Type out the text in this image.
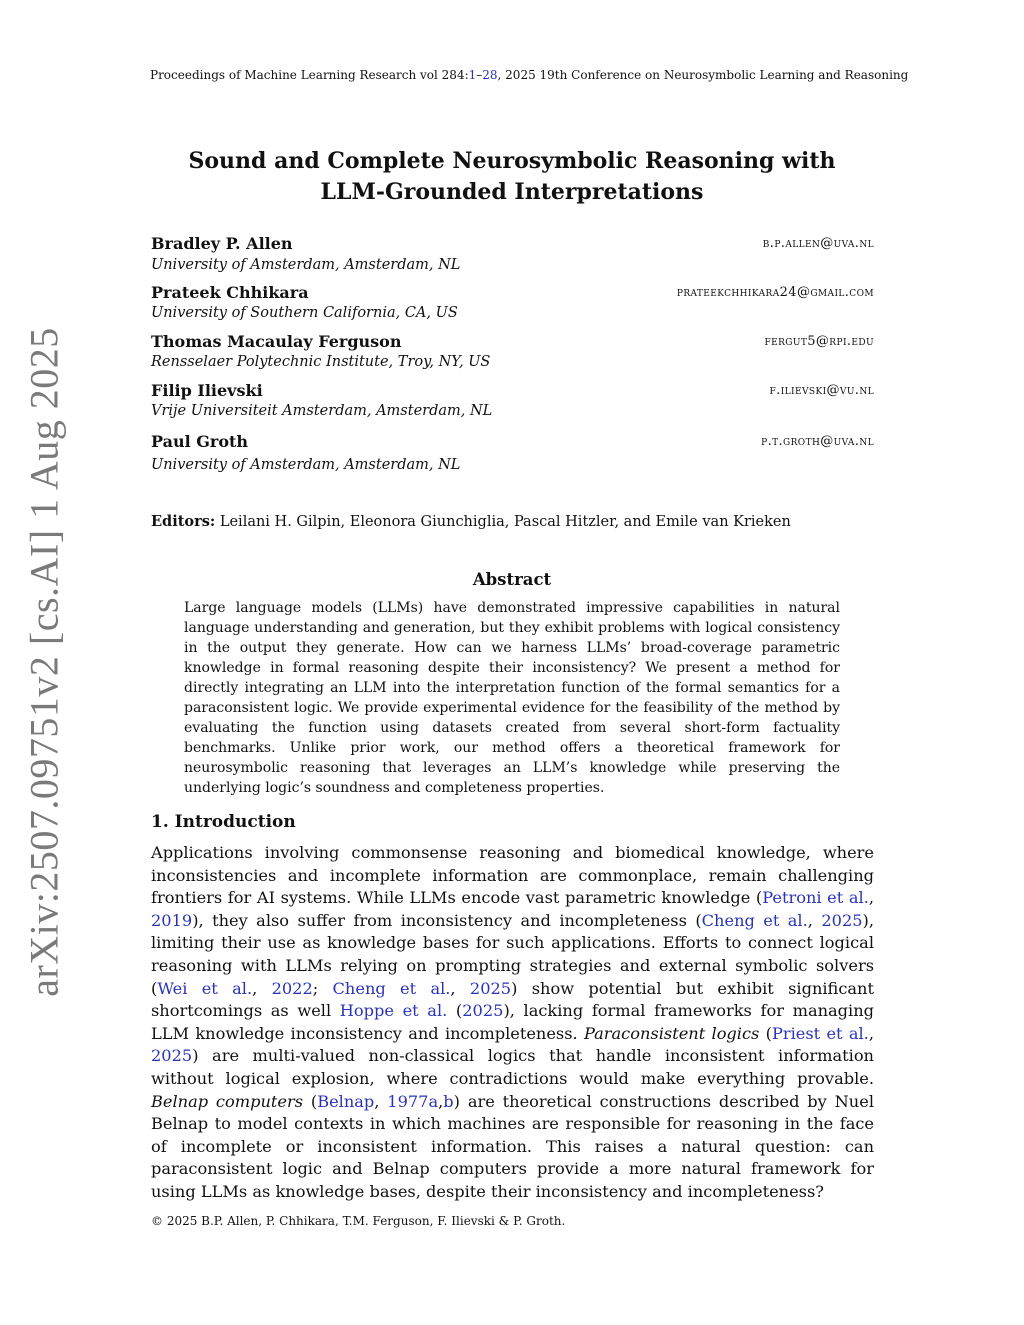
Proceedings of Machine Learning Research vol 284:1–28, 2025 19th Conference on Neurosymbolic Learning and Reasoning
Sound and Complete Neurosymbolic Reasoning with
LLM-Grounded Interpretations
Bradley P. Allen	b.p.allen@uva.nl
University of Amsterdam, Amsterdam, NL
Prateek Chhikara	prateekchhikara24@gmail.com
University of Southern California, CA, US
Thomas Macaulay Ferguson	ferguт5@rpi.edu
Rensselaer Polytechnic Institute, Troy, NY, US
Filip Ilievski	f.ilievski@vu.nl
Vrije Universiteit Amsterdam, Amsterdam, NL
Paul Groth	p.t.groth@uva.nl
University of Amsterdam, Amsterdam, NL
Editors: Leilani H. Gilpin, Eleonora Giunchiglia, Pascal Hitzler, and Emile van Krieken
Abstract
Large language models (LLMs) have demonstrated impressive capabilities in natural language understanding and generation, but they exhibit problems with logical consistency in the output they generate. How can we harness LLMs’ broad-coverage parametric knowledge in formal reasoning despite their inconsistency? We present a method for directly integrating an LLM into the interpretation function of the formal semantics for a paraconsistent logic. We provide experimental evidence for the feasibility of the method by evaluating the function using datasets created from several short-form factuality benchmarks. Unlike prior work, our method offers a theoretical framework for neurosymbolic reasoning that leverages an LLM’s knowledge while preserving the underlying logic’s soundness and completeness properties.
1. Introduction
Applications involving commonsense reasoning and biomedical knowledge, where inconsistencies and incomplete information are commonplace, remain challenging frontiers for AI systems. While LLMs encode vast parametric knowledge (Petroni et al., 2019), they also suffer from inconsistency and incompleteness (Cheng et al., 2025), limiting their use as knowledge bases for such applications. Efforts to connect logical reasoning with LLMs relying on prompting strategies and external symbolic solvers (Wei et al., 2022; Cheng et al., 2025) show potential but exhibit significant shortcomings as well Hoppe et al. (2025), lacking formal frameworks for managing LLM knowledge inconsistency and incompleteness. Paraconsistent logics (Priest et al., 2025) are multi-valued non-classical logics that handle inconsistent information without logical explosion, where contradictions would make everything provable. Belnap computers (Belnap, 1977a,b) are theoretical constructions described by Nuel Belnap to model contexts in which machines are responsible for reasoning in the face of incomplete or inconsistent information. This raises a natural question: can paraconsistent logic and Belnap computers provide a more natural framework for using LLMs as knowledge bases, despite their inconsistency and incompleteness?
© 2025 B.P. Allen, P. Chhikara, T.M. Ferguson, F. Ilievski & P. Groth.
arXiv:2507.09751v2 [cs.AI] 1 Aug 2025
